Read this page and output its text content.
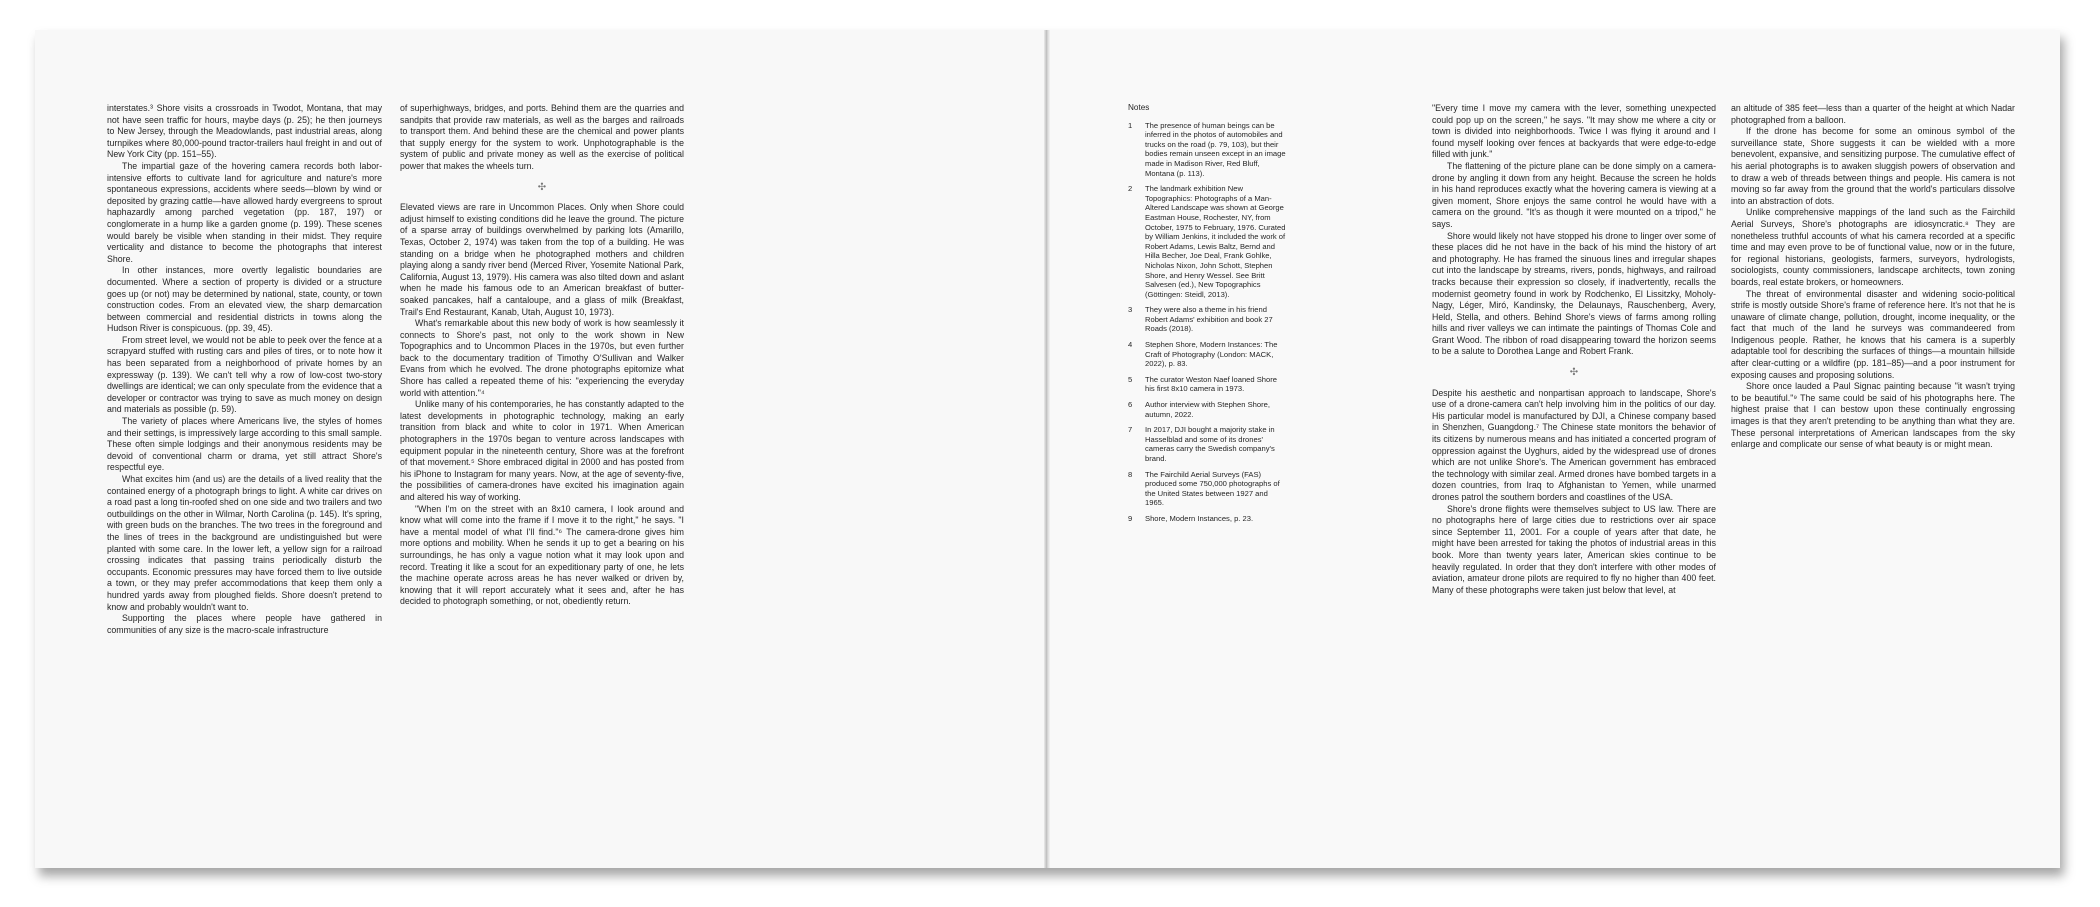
interstates.³ Shore visits a crossroads in Twodot, Montana, that may not have seen traffic for hours, maybe days (p. 25); he then journeys to New Jersey, through the Meadowlands, past industrial areas, along turnpikes where 80,000-pound tractor-trailers haul freight in and out of New York City (pp. 151–55).

The impartial gaze of the hovering camera records both labor-intensive efforts to cultivate land for agriculture and nature's more spontaneous expressions, accidents where seeds—blown by wind or deposited by grazing cattle—have allowed hardy evergreens to sprout haphazardly among parched vegetation (pp. 187, 197) or conglomerate in a hump like a garden gnome (p. 199). These scenes would barely be visible when standing in their midst. They require verticality and distance to become the photographs that interest Shore.

In other instances, more overtly legalistic boundaries are documented. Where a section of property is divided or a structure goes up (or not) may be determined by national, state, county, or town construction codes. From an elevated view, the sharp demarcation between commercial and residential districts in towns along the Hudson River is conspicuous. (pp. 39, 45).

From street level, we would not be able to peek over the fence at a scrapyard stuffed with rusting cars and piles of tires, or to note how it has been separated from a neighborhood of private homes by an expressway (p. 139). We can't tell why a row of low-cost two-story dwellings are identical; we can only speculate from the evidence that a developer or contractor was trying to save as much money on design and materials as possible (p. 59).

The variety of places where Americans live, the styles of homes and their settings, is impressively large according to this small sample. These often simple lodgings and their anonymous residents may be devoid of conventional charm or drama, yet still attract Shore's respectful eye.

What excites him (and us) are the details of a lived reality that the contained energy of a photograph brings to light. A white car drives on a road past a long tin-roofed shed on one side and two trailers and two outbuildings on the other in Wilmar, North Carolina (p. 145). It's spring, with green buds on the branches. The two trees in the foreground and the lines of trees in the background are undistinguished but were planted with some care. In the lower left, a yellow sign for a railroad crossing indicates that passing trains periodically disturb the occupants. Economic pressures may have forced them to live outside a town, or they may prefer accommodations that keep them only a hundred yards away from ploughed fields. Shore doesn't pretend to know and probably wouldn't want to.

Supporting the places where people have gathered in communities of any size is the macro-scale infrastructure

of superhighways, bridges, and ports. Behind them are the quarries and sandpits that provide raw materials, as well as the barges and railroads to transport them. And behind these are the chemical and power plants that supply energy for the system to work. Unphotographable is the system of public and private money as well as the exercise of political power that makes the wheels turn.

✣

Elevated views are rare in Uncommon Places. Only when Shore could adjust himself to existing conditions did he leave the ground. The picture of a sparse array of buildings overwhelmed by parking lots (Amarillo, Texas, October 2, 1974) was taken from the top of a building. He was standing on a bridge when he photographed mothers and children playing along a sandy river bend (Merced River, Yosemite National Park, California, August 13, 1979). His camera was also tilted down and aslant when he made his famous ode to an American breakfast of butter-soaked pancakes, half a cantaloupe, and a glass of milk (Breakfast, Trail's End Restaurant, Kanab, Utah, August 10, 1973).

What's remarkable about this new body of work is how seamlessly it connects to Shore's past, not only to the work shown in New Topographics and to Uncommon Places in the 1970s, but even further back to the documentary tradition of Timothy O'Sullivan and Walker Evans from which he evolved. The drone photographs epitomize what Shore has called a repeated theme of his: "experiencing the everyday world with attention."⁴

Unlike many of his contemporaries, he has constantly adapted to the latest developments in photographic technology, making an early transition from black and white to color in 1971. When American photographers in the 1970s began to venture across landscapes with equipment popular in the nineteenth century, Shore was at the forefront of that movement.⁵ Shore embraced digital in 2000 and has posted from his iPhone to Instagram for many years. Now, at the age of seventy-five, the possibilities of camera-drones have excited his imagination again and altered his way of working.

"When I'm on the street with an 8x10 camera, I look around and know what will come into the frame if I move it to the right," he says. "I have a mental model of what I'll find."⁶ The camera-drone gives him more options and mobility. When he sends it up to get a bearing on his surroundings, he has only a vague notion what it may look upon and record. Treating it like a scout for an expeditionary party of one, he lets the machine operate across areas he has never walked or driven by, knowing that it will report accurately what it sees and, after he has decided to photograph something, or not, obediently return.

Notes
1	The presence of human beings can be inferred in the photos of automobiles and trucks on the road (p. 79, 103), but their bodies remain unseen except in an image made in Madison River, Red Bluff, Montana (p. 113).
2	The landmark exhibition New Topographics: Photographs of a Man-Altered Landscape was shown at George Eastman House, Rochester, NY, from October, 1975 to February, 1976. Curated by William Jenkins, it included the work of Robert Adams, Lewis Baltz, Bernd and Hilla Becher, Joe Deal, Frank Gohlke, Nicholas Nixon, John Schott, Stephen Shore, and Henry Wessel. See Britt Salvesen (ed.), New Topographics (Göttingen: Steidl, 2013).
3	They were also a theme in his friend Robert Adams' exhibition and book 27 Roads (2018).
4	Stephen Shore, Modern Instances: The Craft of Photography (London: MACK, 2022), p. 83.
5	The curator Weston Naef loaned Shore his first 8x10 camera in 1973.
6	Author interview with Stephen Shore, autumn, 2022.
7	In 2017, DJI bought a majority stake in Hasselblad and some of its drones' cameras carry the Swedish company's brand.
8	The Fairchild Aerial Surveys (FAS) produced some 750,000 photographs of the United States between 1927 and 1965.
9	Shore, Modern Instances, p. 23.

"Every time I move my camera with the lever, something unexpected could pop up on the screen," he says. "It may show me where a city or town is divided into neighborhoods. Twice I was flying it around and I found myself looking over fences at backyards that were edge-to-edge filled with junk."

The flattening of the picture plane can be done simply on a camera-drone by angling it down from any height. Because the screen he holds in his hand reproduces exactly what the hovering camera is viewing at a given moment, Shore enjoys the same control he would have with a camera on the ground. "It's as though it were mounted on a tripod," he says.

Shore would likely not have stopped his drone to linger over some of these places did he not have in the back of his mind the history of art and photography. He has framed the sinuous lines and irregular shapes cut into the landscape by streams, rivers, ponds, highways, and railroad tracks because their expression so closely, if inadvertently, recalls the modernist geometry found in work by Rodchenko, El Lissitzky, Moholy-Nagy, Léger, Miró, Kandinsky, the Delaunays, Rauschenberg, Avery, Held, Stella, and others. Behind Shore's views of farms among rolling hills and river valleys we can intimate the paintings of Thomas Cole and Grant Wood. The ribbon of road disappearing toward the horizon seems to be a salute to Dorothea Lange and Robert Frank.

✣

Despite his aesthetic and nonpartisan approach to landscape, Shore's use of a drone-camera can't help involving him in the politics of our day. His particular model is manufactured by DJI, a Chinese company based in Shenzhen, Guangdong.⁷ The Chinese state monitors the behavior of its citizens by numerous means and has initiated a concerted program of oppression against the Uyghurs, aided by the widespread use of drones which are not unlike Shore's. The American government has embraced the technology with similar zeal. Armed drones have bombed targets in a dozen countries, from Iraq to Afghanistan to Yemen, while unarmed drones patrol the southern borders and coastlines of the USA.

Shore's drone flights were themselves subject to US law. There are no photographs here of large cities due to restrictions over air space since September 11, 2001. For a couple of years after that date, he might have been arrested for taking the photos of industrial areas in this book. More than twenty years later, American skies continue to be heavily regulated. In order that they don't interfere with other modes of aviation, amateur drone pilots are required to fly no higher than 400 feet. Many of these photographs were taken just below that level, at

an altitude of 385 feet—less than a quarter of the height at which Nadar photographed from a balloon.

If the drone has become for some an ominous symbol of the surveillance state, Shore suggests it can be wielded with a more benevolent, expansive, and sensitizing purpose. The cumulative effect of his aerial photographs is to awaken sluggish powers of observation and to draw a web of threads between things and people. His camera is not moving so far away from the ground that the world's particulars dissolve into an abstraction of dots.

Unlike comprehensive mappings of the land such as the Fairchild Aerial Surveys, Shore's photographs are idiosyncratic.⁸ They are nonetheless truthful accounts of what his camera recorded at a specific time and may even prove to be of functional value, now or in the future, for regional historians, geologists, farmers, surveyors, hydrologists, sociologists, county commissioners, landscape architects, town zoning boards, real estate brokers, or homeowners.

The threat of environmental disaster and widening socio-political strife is mostly outside Shore's frame of reference here. It's not that he is unaware of climate change, pollution, drought, income inequality, or the fact that much of the land he surveys was commandeered from Indigenous people. Rather, he knows that his camera is a superbly adaptable tool for describing the surfaces of things—a mountain hillside after clear-cutting or a wildfire (pp. 181–85)—and a poor instrument for exposing causes and proposing solutions.

Shore once lauded a Paul Signac painting because "it wasn't trying to be beautiful."⁹ The same could be said of his photographs here. The highest praise that I can bestow upon these continually engrossing images is that they aren't pretending to be anything than what they are. These personal interpretations of American landscapes from the sky enlarge and complicate our sense of what beauty is or might mean.
